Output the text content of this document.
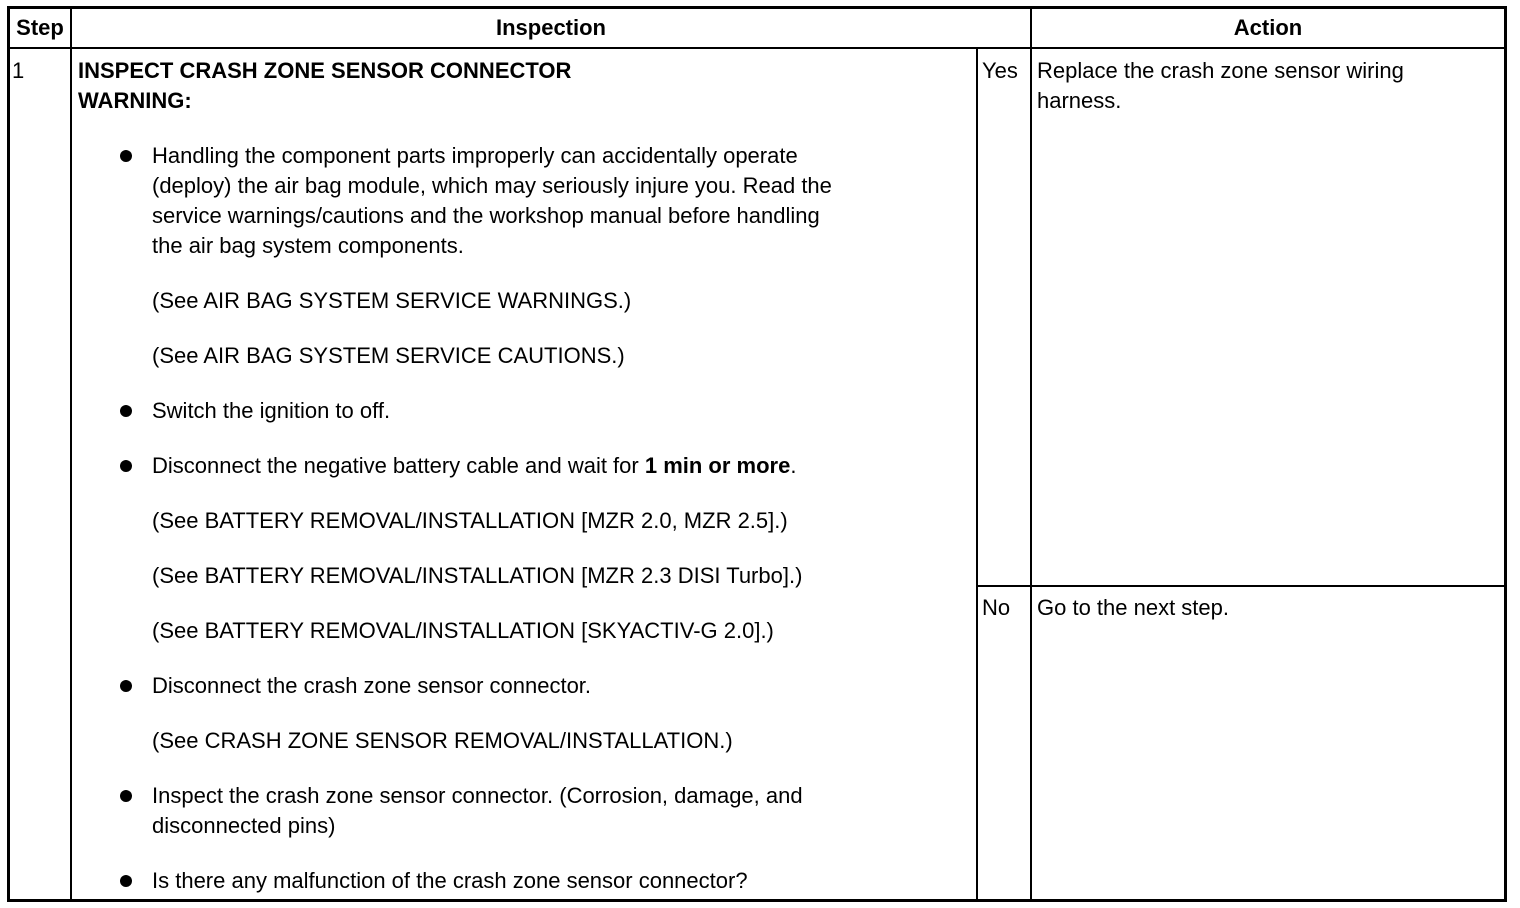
Step	Inspection	Action
1 INSPECT CRASH ZONE SENSOR CONNECTOR
WARNING:
Handling the component parts improperly can accidentally operate
(deploy) the air bag module, which may seriously injure you. Read the
service warnings/cautions and the workshop manual before handling
the air bag system components.
(See AIR BAG SYSTEM SERVICE WARNINGS.)
(See AIR BAG SYSTEM SERVICE CAUTIONS.)
Switch the ignition to off.
Disconnect the negative battery cable and wait for 1 min or more.
(See BATTERY REMOVAL/INSTALLATION [MZR 2.0, MZR 2.5].)
(See BATTERY REMOVAL/INSTALLATION [MZR 2.3 DISI Turbo].)
(See BATTERY REMOVAL/INSTALLATION [SKYACTIV-G 2.0].)
Disconnect the crash zone sensor connector.
(See CRASH ZONE SENSOR REMOVAL/INSTALLATION.)
Inspect the crash zone sensor connector. (Corrosion, damage, and
disconnected pins)
Is there any malfunction of the crash zone sensor connector?
Yes Replace the crash zone sensor wiring
harness.
No Go to the next step.
